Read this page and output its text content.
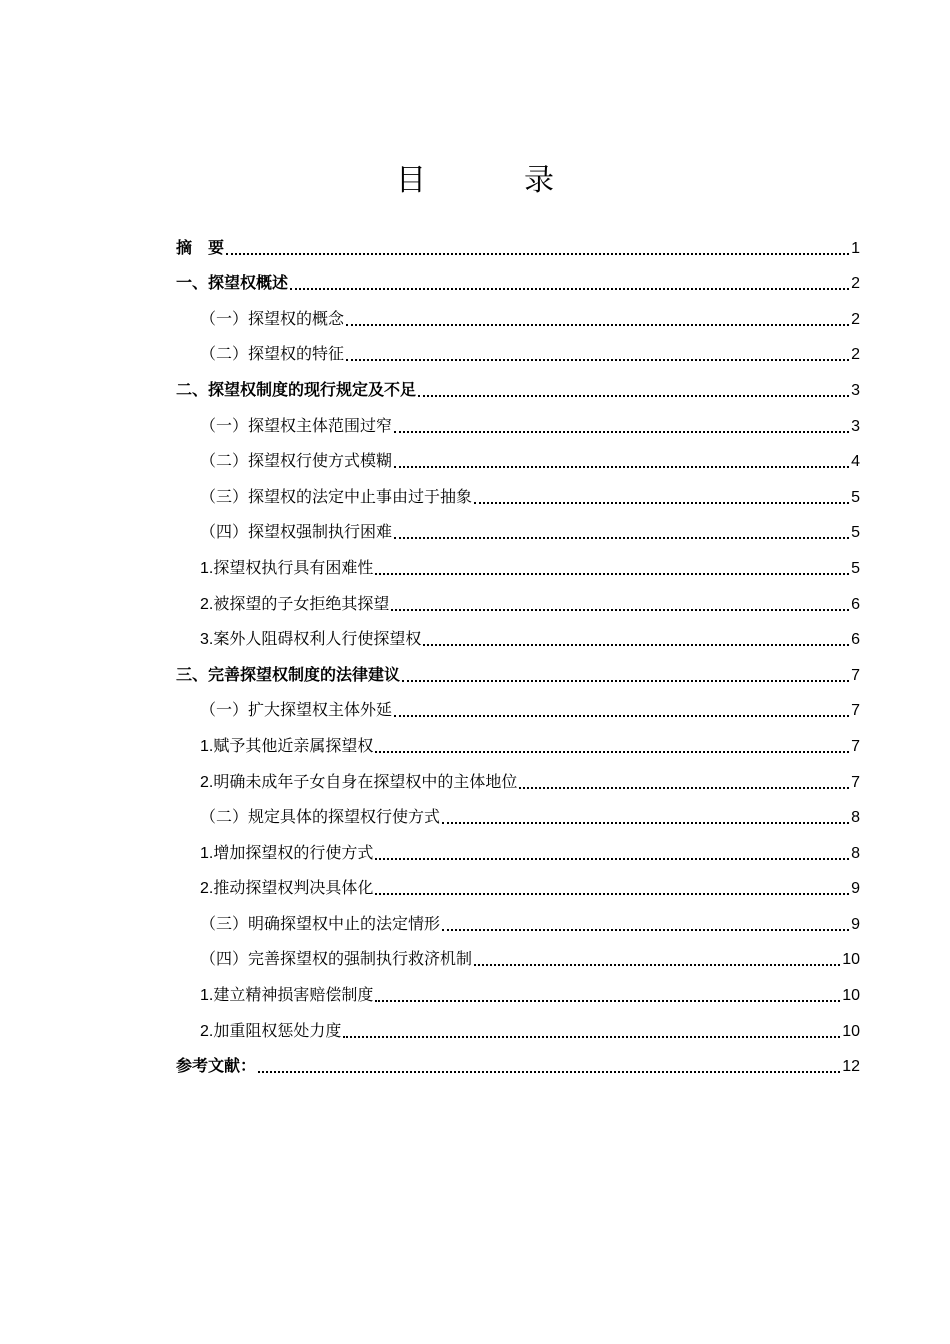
目　录
摘　要	1
一、探望权概述	2
（一）探望权的概念	2
（二）探望权的特征	2
二、探望权制度的现行规定及不足	3
（一）探望权主体范围过窄	3
（二）探望权行使方式模糊	4
（三）探望权的法定中止事由过于抽象	5
（四）探望权强制执行困难	5
1.探望权执行具有困难性	5
2.被探望的子女拒绝其探望	6
3.案外人阻碍权利人行使探望权	6
三、完善探望权制度的法律建议	7
（一）扩大探望权主体外延	7
1.赋予其他近亲属探望权	7
2.明确未成年子女自身在探望权中的主体地位	7
（二）规定具体的探望权行使方式	8
1.增加探望权的行使方式	8
2.推动探望权判决具体化	9
（三）明确探望权中止的法定情形	9
（四）完善探望权的强制执行救济机制	10
1.建立精神损害赔偿制度	10
2.加重阻权惩处力度	10
参考文献：	12
